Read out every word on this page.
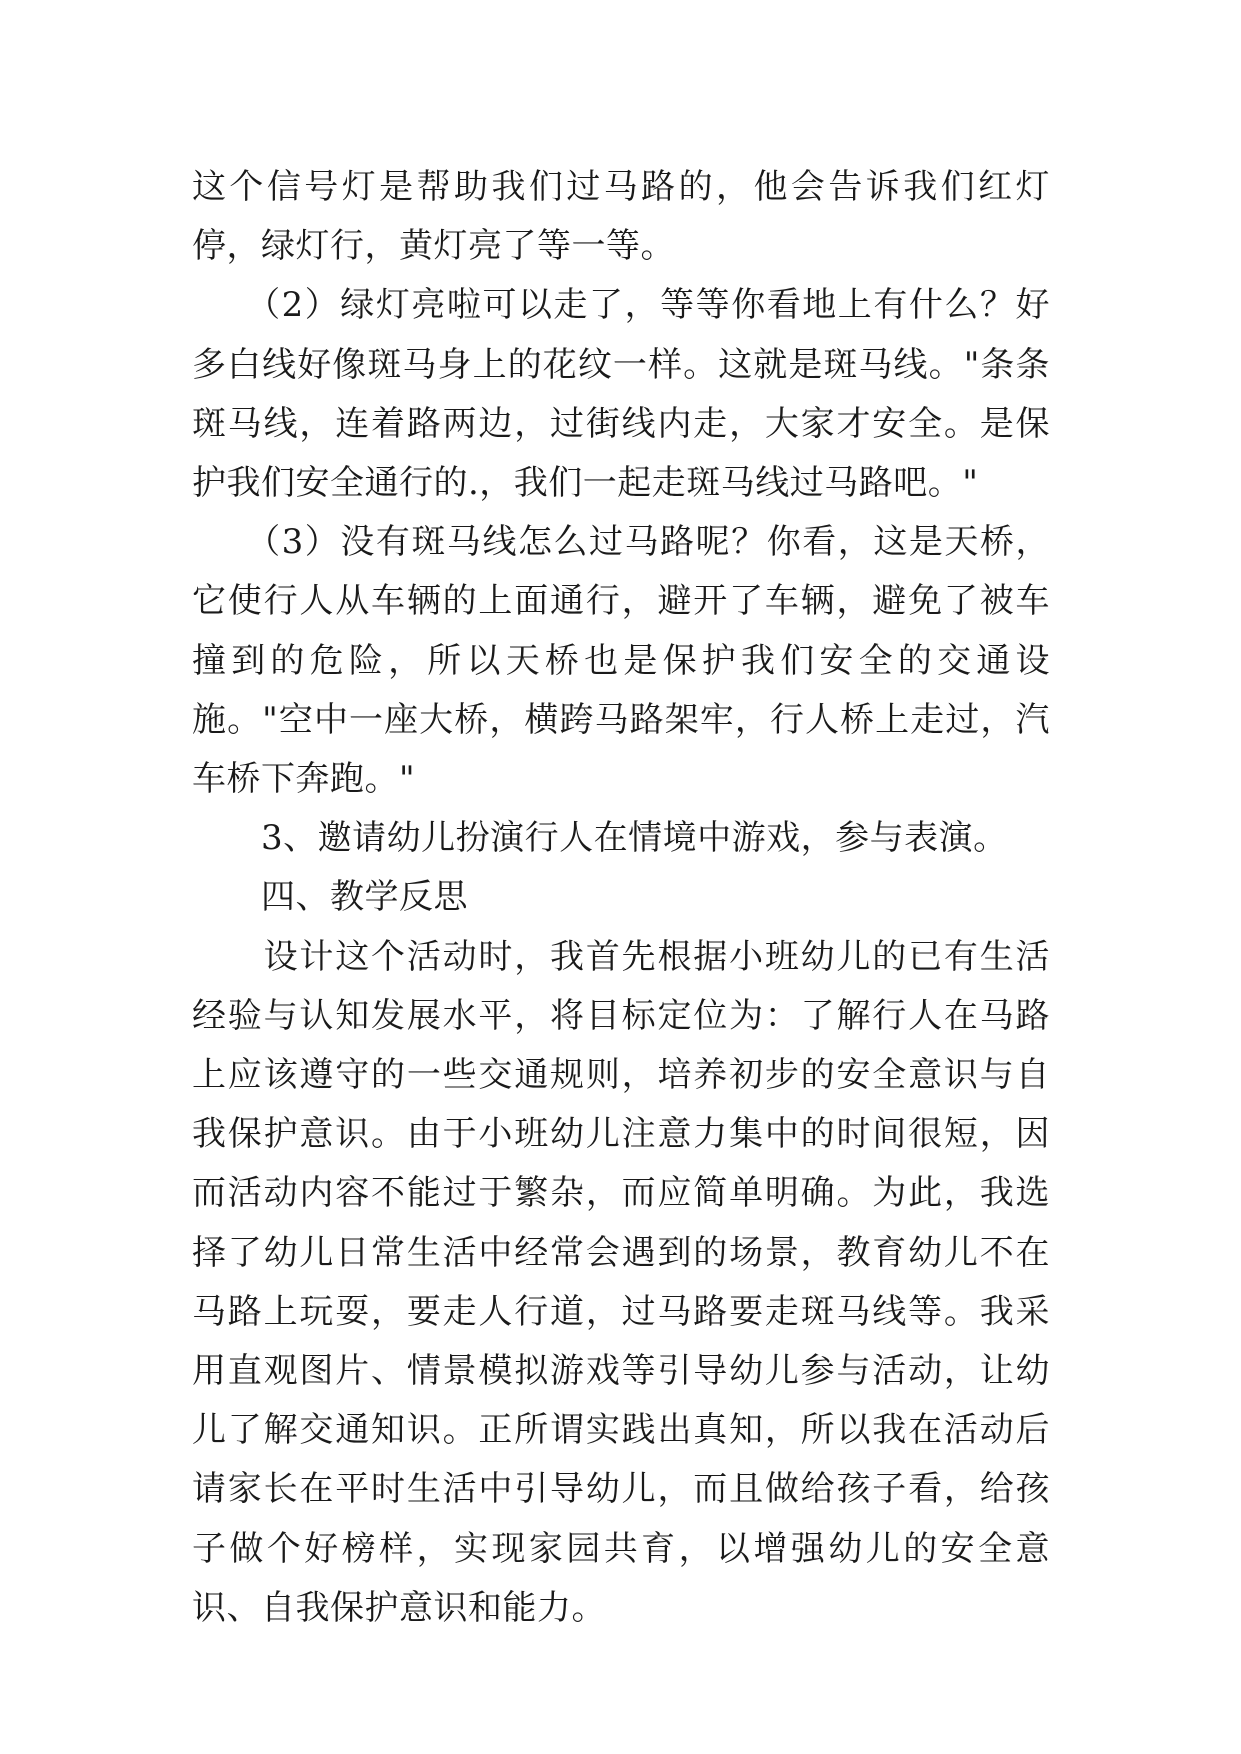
这个信号灯是帮助我们过马路的，他会告诉我们红灯停，绿灯行，黄灯亮了等一等。

　　（2）绿灯亮啦可以走了，等等你看地上有什么？好多白线好像斑马身上的花纹一样。这就是斑马线。"条条斑马线，连着路两边，过街线内走，大家才安全。是保护我们安全通行的.，我们一起走斑马线过马路吧。"

　　（3）没有斑马线怎么过马路呢？你看，这是天桥，它使行人从车辆的上面通行，避开了车辆，避免了被车撞到的危险，所以天桥也是保护我们安全的交通设施。"空中一座大桥，横跨马路架牢，行人桥上走过，汽车桥下奔跑。"

　　3、邀请幼儿扮演行人在情境中游戏，参与表演。

　　四、教学反思

　　设计这个活动时，我首先根据小班幼儿的已有生活经验与认知发展水平，将目标定位为：了解行人在马路上应该遵守的一些交通规则，培养初步的安全意识与自我保护意识。由于小班幼儿注意力集中的时间很短，因而活动内容不能过于繁杂，而应简单明确。为此，我选择了幼儿日常生活中经常会遇到的场景，教育幼儿不在马路上玩耍，要走人行道，过马路要走斑马线等。我采用直观图片、情景模拟游戏等引导幼儿参与活动，让幼儿了解交通知识。正所谓实践出真知，所以我在活动后请家长在平时生活中引导幼儿，而且做给孩子看，给孩子做个好榜样，实现家园共育，以增强幼儿的安全意识、自我保护意识和能力。
